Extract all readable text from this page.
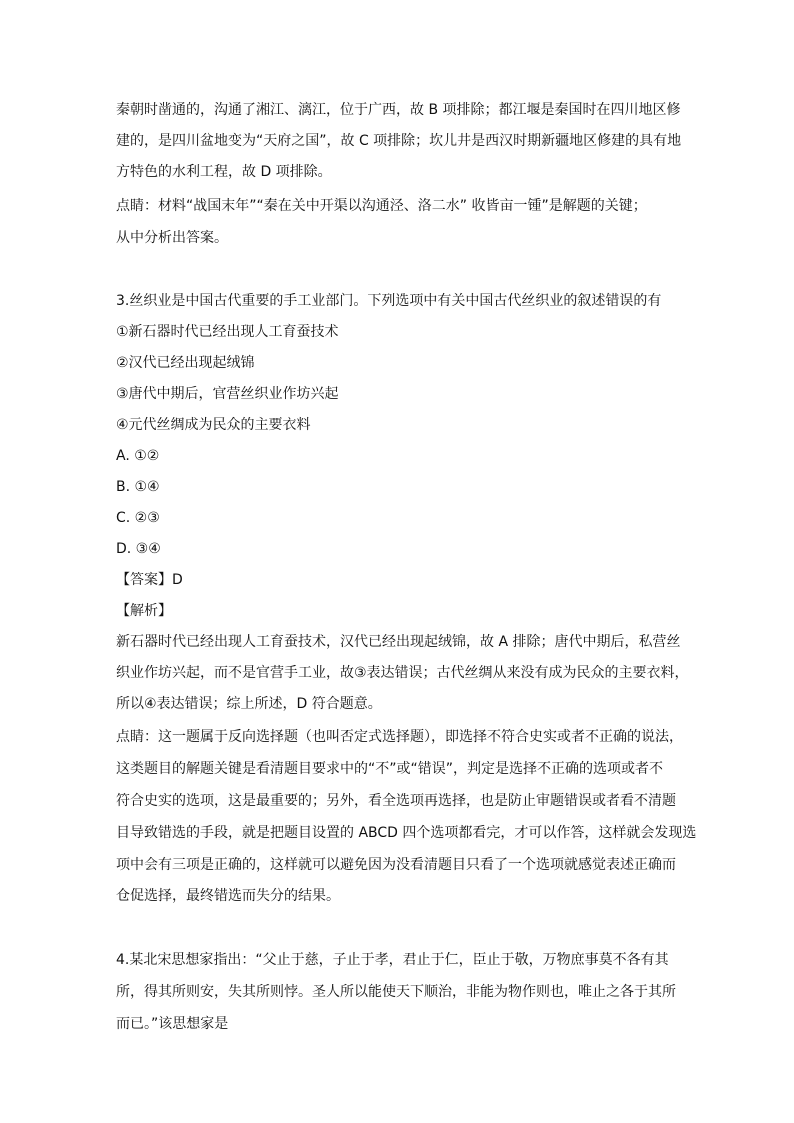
秦朝时凿通的，沟通了湘江、漓江，位于广西，故 B 项排除；都江堰是秦国时在四川地区修
建的，是四川盆地变为“天府之国”，故 C 项排除；坎儿井是西汉时期新疆地区修建的具有地
方特色的水利工程，故 D 项排除。
点睛：材料“战国末年”“秦在关中开渠以沟通泾、洛二水” 收皆亩一锺”是解题的关键；
从中分析出答案。
3.丝织业是中国古代重要的手工业部门。下列选项中有关中国古代丝织业的叙述错误的有
①新石器时代已经出现人工育蚕技术
②汉代已经出现起绒锦
③唐代中期后，官营丝织业作坊兴起
④元代丝绸成为民众的主要衣料
A. ①②
B. ①④
C. ②③
D. ③④
【答案】D
【解析】
新石器时代已经出现人工育蚕技术，汉代已经出现起绒锦，故 A 排除；唐代中期后，私营丝
织业作坊兴起，而不是官营手工业，故③表达错误；古代丝绸从来没有成为民众的主要衣料，
所以④表达错误；综上所述，D 符合题意。
点睛：这一题属于反向选择题（也叫否定式选择题），即选择不符合史实或者不正确的说法，
这类题目的解题关键是看清题目要求中的“不”或“错误”，判定是选择不正确的选项或者不
符合史实的选项，这是最重要的；另外，看全选项再选择，也是防止审题错误或者看不清题
目导致错选的手段，就是把题目设置的 ABCD 四个选项都看完，才可以作答，这样就会发现选
项中会有三项是正确的，这样就可以避免因为没看清题目只看了一个选项就感觉表述正确而
仓促选择，最终错选而失分的结果。
4.某北宋思想家指出：“父止于慈，子止于孝，君止于仁，臣止于敬，万物庶事莫不各有其
所，得其所则安，失其所则悖。圣人所以能使天下顺治，非能为物作则也，唯止之各于其所
而已。”该思想家是
